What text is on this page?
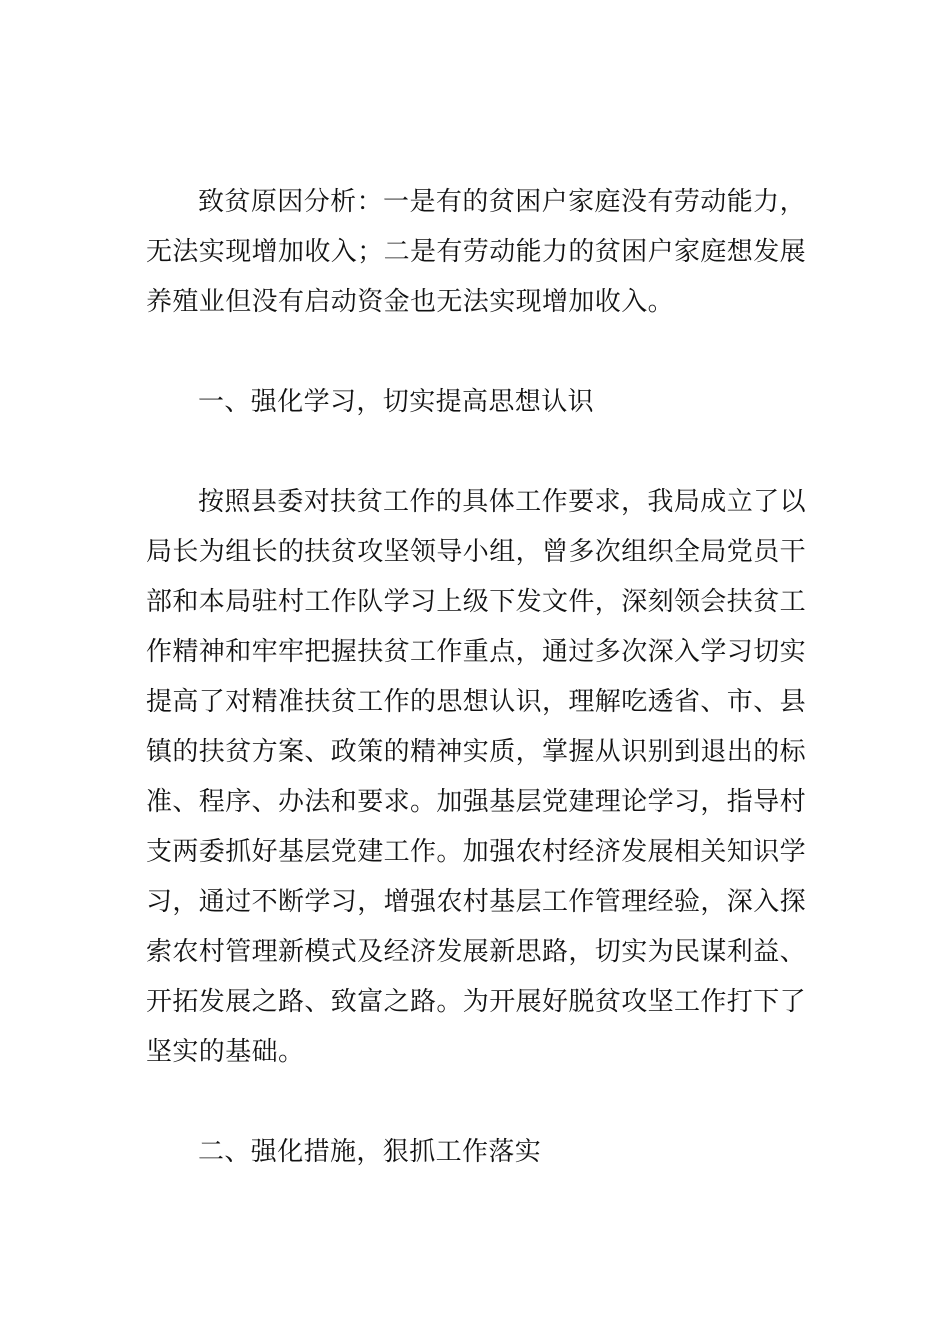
致贫原因分析：一是有的贫困户家庭没有劳动能力，无法实现增加收入；二是有劳动能力的贫困户家庭想发展养殖业但没有启动资金也无法实现增加收入。

一、强化学习，切实提高思想认识

按照县委对扶贫工作的具体工作要求，我局成立了以局长为组长的扶贫攻坚领导小组，曾多次组织全局党员干部和本局驻村工作队学习上级下发文件，深刻领会扶贫工作精神和牢牢把握扶贫工作重点，通过多次深入学习切实提高了对精准扶贫工作的思想认识，理解吃透省、市、县镇的扶贫方案、政策的精神实质，掌握从识别到退出的标准、程序、办法和要求。加强基层党建理论学习，指导村支两委抓好基层党建工作。加强农村经济发展相关知识学习，通过不断学习，增强农村基层工作管理经验，深入探索农村管理新模式及经济发展新思路，切实为民谋利益、开拓发展之路、致富之路。为开展好脱贫攻坚工作打下了坚实的基础。

二、强化措施，狠抓工作落实
